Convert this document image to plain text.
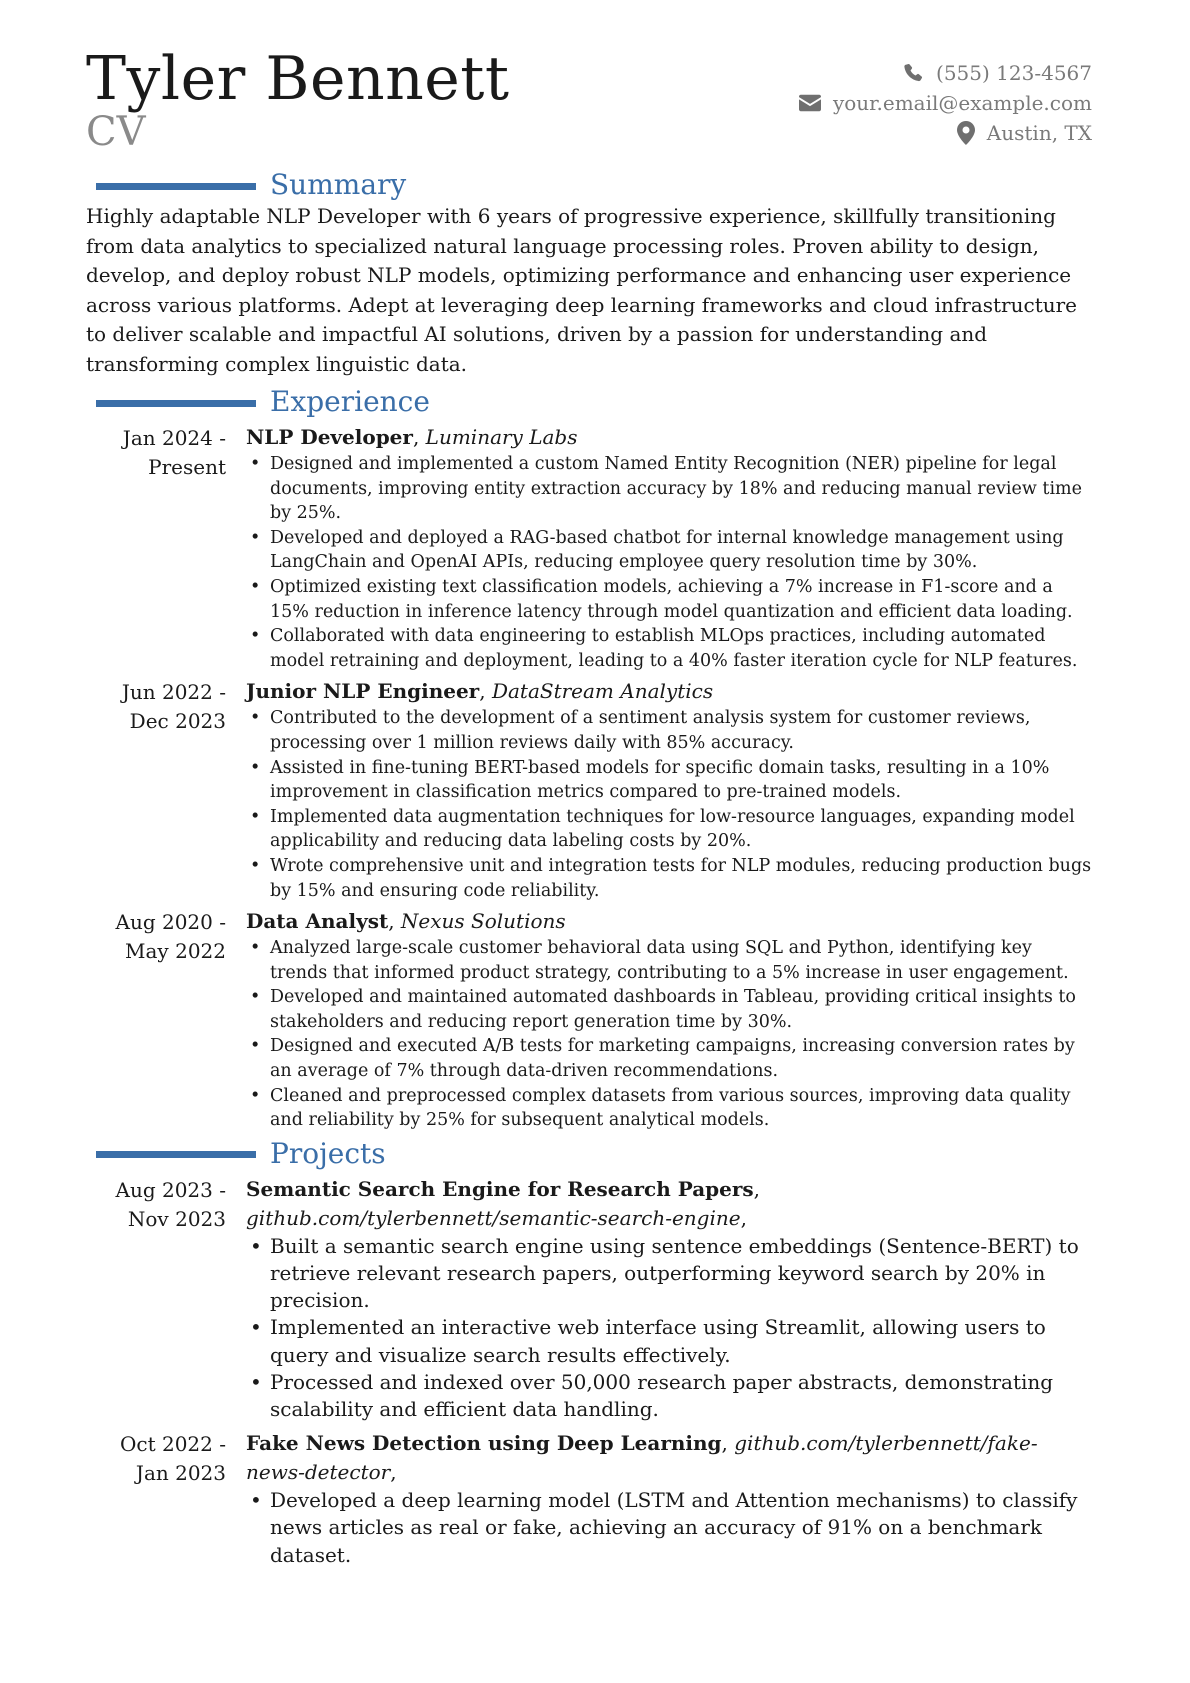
Tyler Bennett
CV
(555) 123-4567
your.email@example.com
Austin, TX
Summary

Highly adaptable NLP Developer with 6 years of progressive experience, skillfully transitioning from data analytics to specialized natural language processing roles. Proven ability to design, develop, and deploy robust NLP models, optimizing performance and enhancing user experience across various platforms. Adept at leveraging deep learning frameworks and cloud infrastructure to deliver scalable and impactful AI solutions, driven by a passion for understanding and transforming complex linguistic data.

Experience
Jan 2024 - Present

NLP Developer, Luminary Labs

• Designed and implemented a custom Named Entity Recognition (NER) pipeline for legal documents, improving entity extraction accuracy by 18% and reducing manual review time by 25%.
• Developed and deployed a RAG-based chatbot for internal knowledge management using LangChain and OpenAI APIs, reducing employee query resolution time by 30%.
• Optimized existing text classification models, achieving a 7% increase in F1-score and a 15% reduction in inference latency through model quantization and efficient data loading.
• Collaborated with data engineering to establish MLOps practices, including automated model retraining and deployment, leading to a 40% faster iteration cycle for NLP features.
Jun 2022 - Dec 2023

Junior NLP Engineer, DataStream Analytics

• Contributed to the development of a sentiment analysis system for customer reviews, processing over 1 million reviews daily with 85% accuracy.
• Assisted in fine-tuning BERT-based models for specific domain tasks, resulting in a 10% improvement in classification metrics compared to pre-trained models.
• Implemented data augmentation techniques for low-resource languages, expanding model applicability and reducing data labeling costs by 20%.
• Wrote comprehensive unit and integration tests for NLP modules, reducing production bugs by 15% and ensuring code reliability.
Aug 2020 - May 2022

Data Analyst, Nexus Solutions

• Analyzed large-scale customer behavioral data using SQL and Python, identifying key trends that informed product strategy, contributing to a 5% increase in user engagement.
• Developed and maintained automated dashboards in Tableau, providing critical insights to stakeholders and reducing report generation time by 30%.
• Designed and executed A/B tests for marketing campaigns, increasing conversion rates by an average of 7% through data-driven recommendations.
• Cleaned and preprocessed complex datasets from various sources, improving data quality and reliability by 25% for subsequent analytical models.
Projects
Aug 2023 - Nov 2023

Semantic Search Engine for Research Papers, github.com/tylerbennett/semantic-search-engine,

• Built a semantic search engine using sentence embeddings (Sentence-BERT) to retrieve relevant research papers, outperforming keyword search by 20% in precision.
• Implemented an interactive web interface using Streamlit, allowing users to query and visualize search results effectively.
• Processed and indexed over 50,000 research paper abstracts, demonstrating scalability and efficient data handling.
Oct 2022 - Jan 2023

Fake News Detection using Deep Learning, github.com/tylerbennett/fake-news-detector,

• Developed a deep learning model (LSTM and Attention mechanisms) to classify news articles as real or fake, achieving an accuracy of 91% on a benchmark dataset.
